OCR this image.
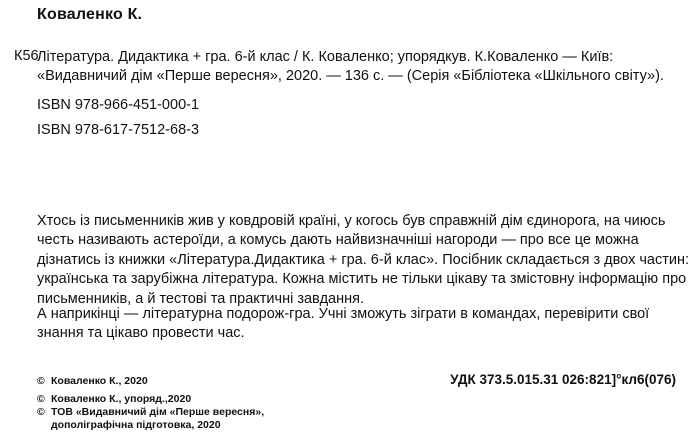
Коваленко К.
К56
Література. Дидактика + гра. 6-й клас / К. Коваленко; упорядкув. К.Коваленко — Київ: «Видавничий дім «Перше вересня», 2020. — 136 с. — (Серія «Бібліотека «Шкільного світу»).
ISBN 978-966-451-000-1
ISBN 978-617-7512-68-3
Хтось із письменників жив у ковдровій країні, у когось був справжній дім єдинорога, на чиюсь честь називають астероїди, а комусь дають найвизначніші нагороди — про все це можна дізнатись із книжки «Література.Дидактика + гра. 6-й клас». Посібник складається з двох частин: українська та зарубіжна література. Кожна містить не тільки цікаву та змістовну інформацію про письменників, а й тестові та практичні завдання.
А наприкінці — літературна подорож-гра. Учні зможуть зіграти в командах, перевірити свої знання та цікаво провести час.
УДК 373.5.015.31 026:821]°кл6(076)
© Коваленко К., 2020
© Коваленко К., упоряд.,2020
© ТОВ «Видавничий дім «Перше вересня»,
дополіграфічна підготовка, 2020
